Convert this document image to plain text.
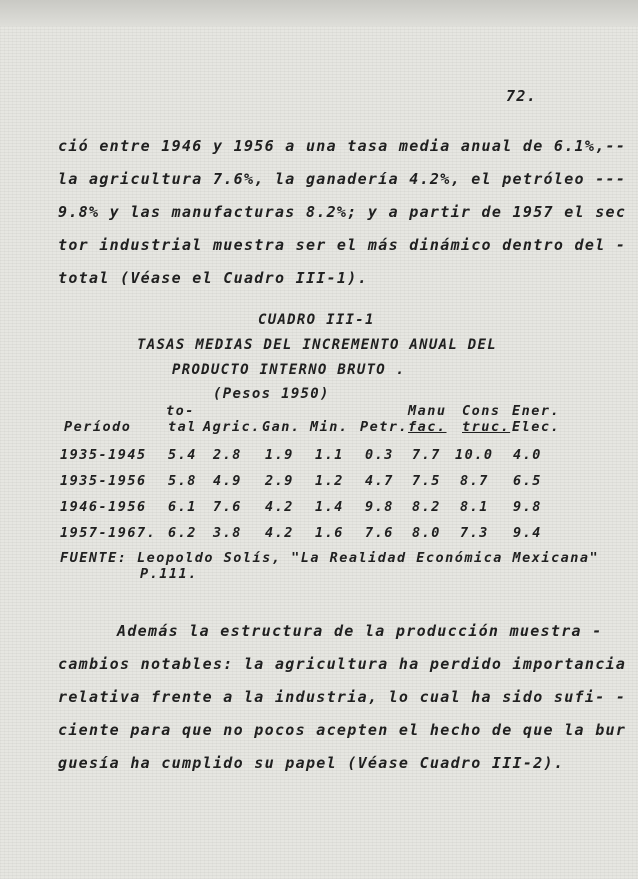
72.
ció entre 1946 y 1956 a una tasa media anual de 6.1%,--
la agricultura 7.6%, la ganadería 4.2%, el petróleo ---
9.8% y las manufacturas 8.2%; y a partir de 1957 el sec
tor industrial muestra ser el más dinámico dentro del -
total (Véase el Cuadro III-1).
CUADRO III-1
TASAS MEDIAS DEL INCREMENTO ANUAL DEL
PRODUCTO INTERNO BRUTO .
(Pesos 1950)
to-	Manu Cons Ener.
Período	tal Agric. Gan. Min. Petr. fac. truc. Elec.
1935-1945 5.4 2.8 1.9 1.1 0.3 7.7 10.0 4.0
1935-1956 5.8 4.9 2.9 1.2 4.7 7.5 8.7 6.5
1946-1956 6.1 7.6 4.2 1.4 9.8 8.2 8.1 9.8
1957-1967. 6.2 3.8 4.2 1.6 7.6 8.0 7.3 9.4
FUENTE: Leopoldo Solís, "La Realidad Económica Mexicana"
P.111.
Además la estructura de la producción muestra -
cambios notables: la agricultura ha perdido importancia
relativa frente a la industria, lo cual ha sido sufi- -
ciente para que no pocos acepten el hecho de que la bur
guesía ha cumplido su papel (Véase Cuadro III-2).
